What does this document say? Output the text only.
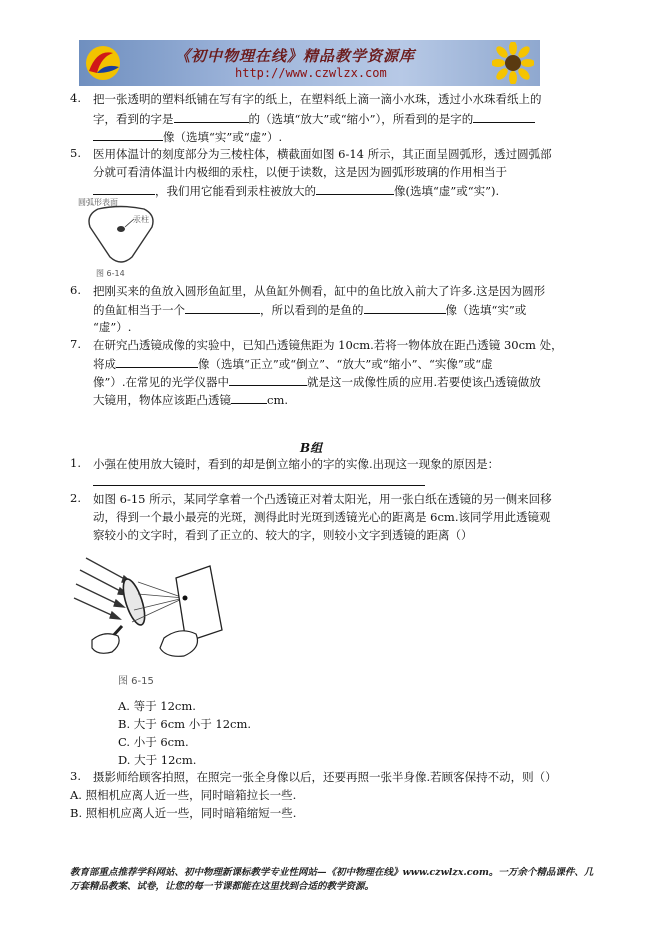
《初中物理在线》精品教学资源库
http://www.czwlzx.com
4. 把一张透明的塑料纸铺在写有字的纸上，在塑料纸上滴一滴小水珠，透过小水珠看纸上的
字，看到的字是	的（选填“放大”或“缩小”），所看到的是字的
像（选填“实”或“虚”）.
5. 医用体温计的刻度部分为三棱柱体，横截面如图 6-14 所示，其正面呈圆弧形，透过圆弧部
分就可看清体温计内极细的汞柱，以便于读数，这是因为圆弧形玻璃的作用相当于
，我们用它能看到汞柱被放大的	像(选填“虚”或“实”).
圆弧形表面
汞柱
图 6-14
6. 把刚买来的鱼放入圆形鱼缸里，从鱼缸外侧看，缸中的鱼比放入前大了许多.这是因为圆形
的鱼缸相当于一个	，所以看到的是鱼的	像（选填“实”或
“虚”）.
7. 在研究凸透镜成像的实验中，已知凸透镜焦距为 10cm.若将一物体放在距凸透镜 30cm 处，
将成	像（选填“正立”或“倒立”、“放大”或“缩小”、“实像”或“虚
像”）.在常见的光学仪器中	就是这一成像性质的应用.若要使该凸透镜做放
大镜用，物体应该距凸透镜	cm.
B组
1. 小强在使用放大镜时，看到的却是倒立缩小的字的实像.出现这一现象的原因是：
2. 如图 6-15 所示，某同学拿着一个凸透镜正对着太阳光，用一张白纸在透镜的另一侧来回移
动，得到一个最小最亮的光斑，测得此时光斑到透镜光心的距离是 6cm.该同学用此透镜观
察较小的文字时，看到了正立的、较大的字，则较小文字到透镜的距离（）
图 6-15
A. 等于 12cm.
B. 大于 6cm 小于 12cm.
C. 小于 6cm.
D. 大于 12cm.
3. 摄影师给顾客拍照，在照完一张全身像以后，还要再照一张半身像.若顾客保持不动，则（）
A. 照相机应离人近一些，同时暗箱拉长一些.
B. 照相机应离人近一些，同时暗箱缩短一些.
教育部重点推荐学科网站、初中物理新课标教学专业性网站—《初中物理在线》www.czwlzx.com。一万余个精品课件、几万套精品教案、试卷，让您的每一节课都能在这里找到合适的教学资源。
